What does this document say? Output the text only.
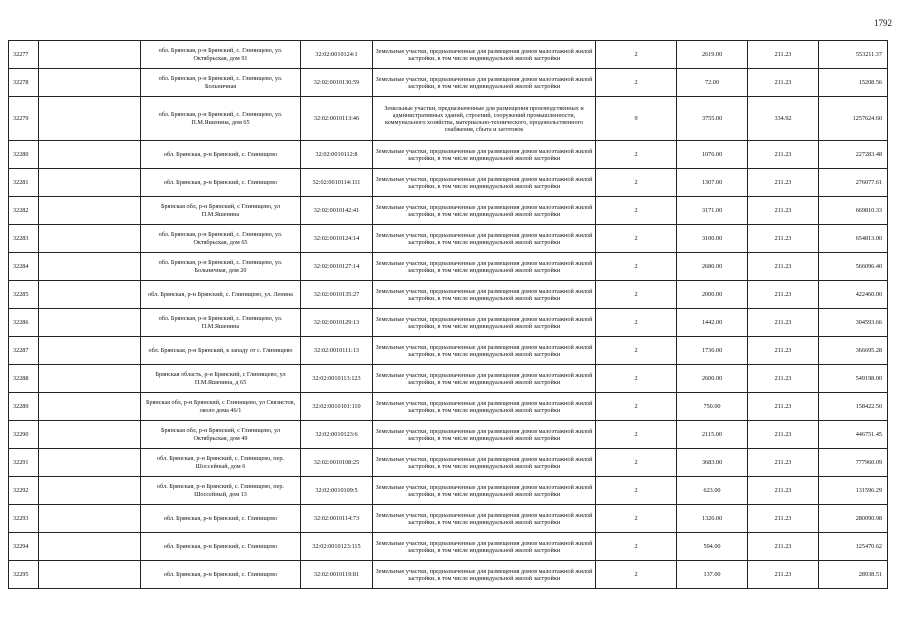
1792
32277		обл. Брянская, р-н Брянский, с. Глинищево, ул. Октябрьская, дом 91	32:02:0010124:1	Земельные участки, предназначенные для размещения домов малоэтажной жилой застройки, в том числе индивидуальной жилой застройки	2	2619.00	211.23	553211.37
32278		обл. Брянская, р-н Брянский, с. Глинищево, ул. Больничная	32:02:0010130:59	Земельные участки, предназначенные для размещения домов малоэтажной жилой застройки, в том числе индивидуальной жилой застройки	2	72.00	211.23	15208.56
32279		обл. Брянская, р-н Брянский, с. Глинищево, ул. П.М.Яшенина, дом 65	32:02:0010113:46	Земельные участки, предназначенные для размещения производственных и административных зданий, строений, сооружений промышленности, коммунального хозяйства, материально-технического, продовольственного снабжения, сбыта и заготовок	9	3755.00	334.92	1257624.60
32280		обл. Брянская, р-н Брянский, с. Глинищево	32:02:0010112:8	Земельные участки, предназначенные для размещения домов малоэтажной жилой застройки, в том числе индивидуальной жилой застройки	2	1076.00	211.23	227283.48
32281		обл. Брянская, р-н Брянский, с. Глинищево	32:02:0010114:111	Земельные участки, предназначенные для размещения домов малоэтажной жилой застройки, в том числе индивидуальной жилой застройки	2	1307.00	211.23	276077.61
32282		Брянская обл, р-н Брянский, с Глинищево, ул П.М.Яшенина	32:02:0010142:41	Земельные участки, предназначенные для размещения домов малоэтажной жилой застройки, в том числе индивидуальной жилой застройки	2	3171.00	211.23	669810.33
32283		обл. Брянская, р-н Брянский, с. Глинищево, ул. Октябрьская, дом 65	32:02:0010124:14	Земельные участки, предназначенные для размещения домов малоэтажной жилой застройки, в том числе индивидуальной жилой застройки	2	3100.00	211.23	654813.00
32284		обл. Брянская, р-н Брянский, с. Глинищево, ул. Больничная, дом 20	32:02:0010127:14	Земельные участки, предназначенные для размещения домов малоэтажной жилой застройки, в том числе индивидуальной жилой застройки	2	2680.00	211.23	566096.40
32285		обл. Брянская, р-н Брянский, с. Глинищево, ул. Ленина	32:02:0010135:27	Земельные участки, предназначенные для размещения домов малоэтажной жилой застройки, в том числе индивидуальной жилой застройки	2	2000.00	211.23	422460.00
32286		обл. Брянская, р-н Брянский, с. Глинищево, ул. П.М.Яшенина	32:02:0010129:13	Земельные участки, предназначенные для размещения домов малоэтажной жилой застройки, в том числе индивидуальной жилой застройки	2	1442.00	211.23	304593.66
32287		обл. Брянская, р-н Брянский, к западу от с. Глинищево	32:02:0010111:13	Земельные участки, предназначенные для размещения домов малоэтажной жилой застройки, в том числе индивидуальной жилой застройки	2	1736.00	211.23	366695.28
32288		Брянская область, р-н Брянский, с Глинищево, ул П.М.Яшенина, д 65	32:02:0010113:123	Земельные участки, предназначенные для размещения домов малоэтажной жилой застройки, в том числе индивидуальной жилой застройки	2	2600.00	211.23	549198.00
32289		Брянская обл, р-н Брянский, с Глинищево, ул Связистов, около дома 46/1	32:02:0010101:110	Земельные участки, предназначенные для размещения домов малоэтажной жилой застройки, в том числе индивидуальной жилой застройки	2	750.00	211.23	158422.50
32290		Брянская обл, р-н Брянский, с Глинищево, ул Октябрьская, дом 49	32:02:0010123:6	Земельные участки, предназначенные для размещения домов малоэтажной жилой застройки, в том числе индивидуальной жилой застройки	2	2115.00	211.23	446751.45
32291		обл. Брянская, р-н Брянский, с. Глинищево, пер. Шоссейный, дом 6	32:02:0010108:25	Земельные участки, предназначенные для размещения домов малоэтажной жилой застройки, в том числе индивидуальной жилой застройки	2	3683.00	211.23	777960.09
32292		обл. Брянская, р-н Брянский, с. Глинищево, пер. Шоссейный, дом 13	32:02:0010109:5	Земельные участки, предназначенные для размещения домов малоэтажной жилой застройки, в том числе индивидуальной жилой застройки	2	623.00	211.23	131596.29
32293		обл. Брянская, р-н Брянский, с. Глинищево	32:02:0010114:73	Земельные участки, предназначенные для размещения домов малоэтажной жилой застройки, в том числе индивидуальной жилой застройки	2	1326.00	211.23	280090.98
32294		обл. Брянская, р-н Брянский, с. Глинищево	32:02:0010123:115	Земельные участки, предназначенные для размещения домов малоэтажной жилой застройки, в том числе индивидуальной жилой застройки	2	594.00	211.23	125470.62
32295		обл. Брянская, р-н Брянский, с. Глинищево	32:02:0010119:81	Земельные участки, предназначенные для размещения домов малоэтажной жилой застройки, в том числе индивидуальной жилой застройки	2	137.00	211.23	28938.51
